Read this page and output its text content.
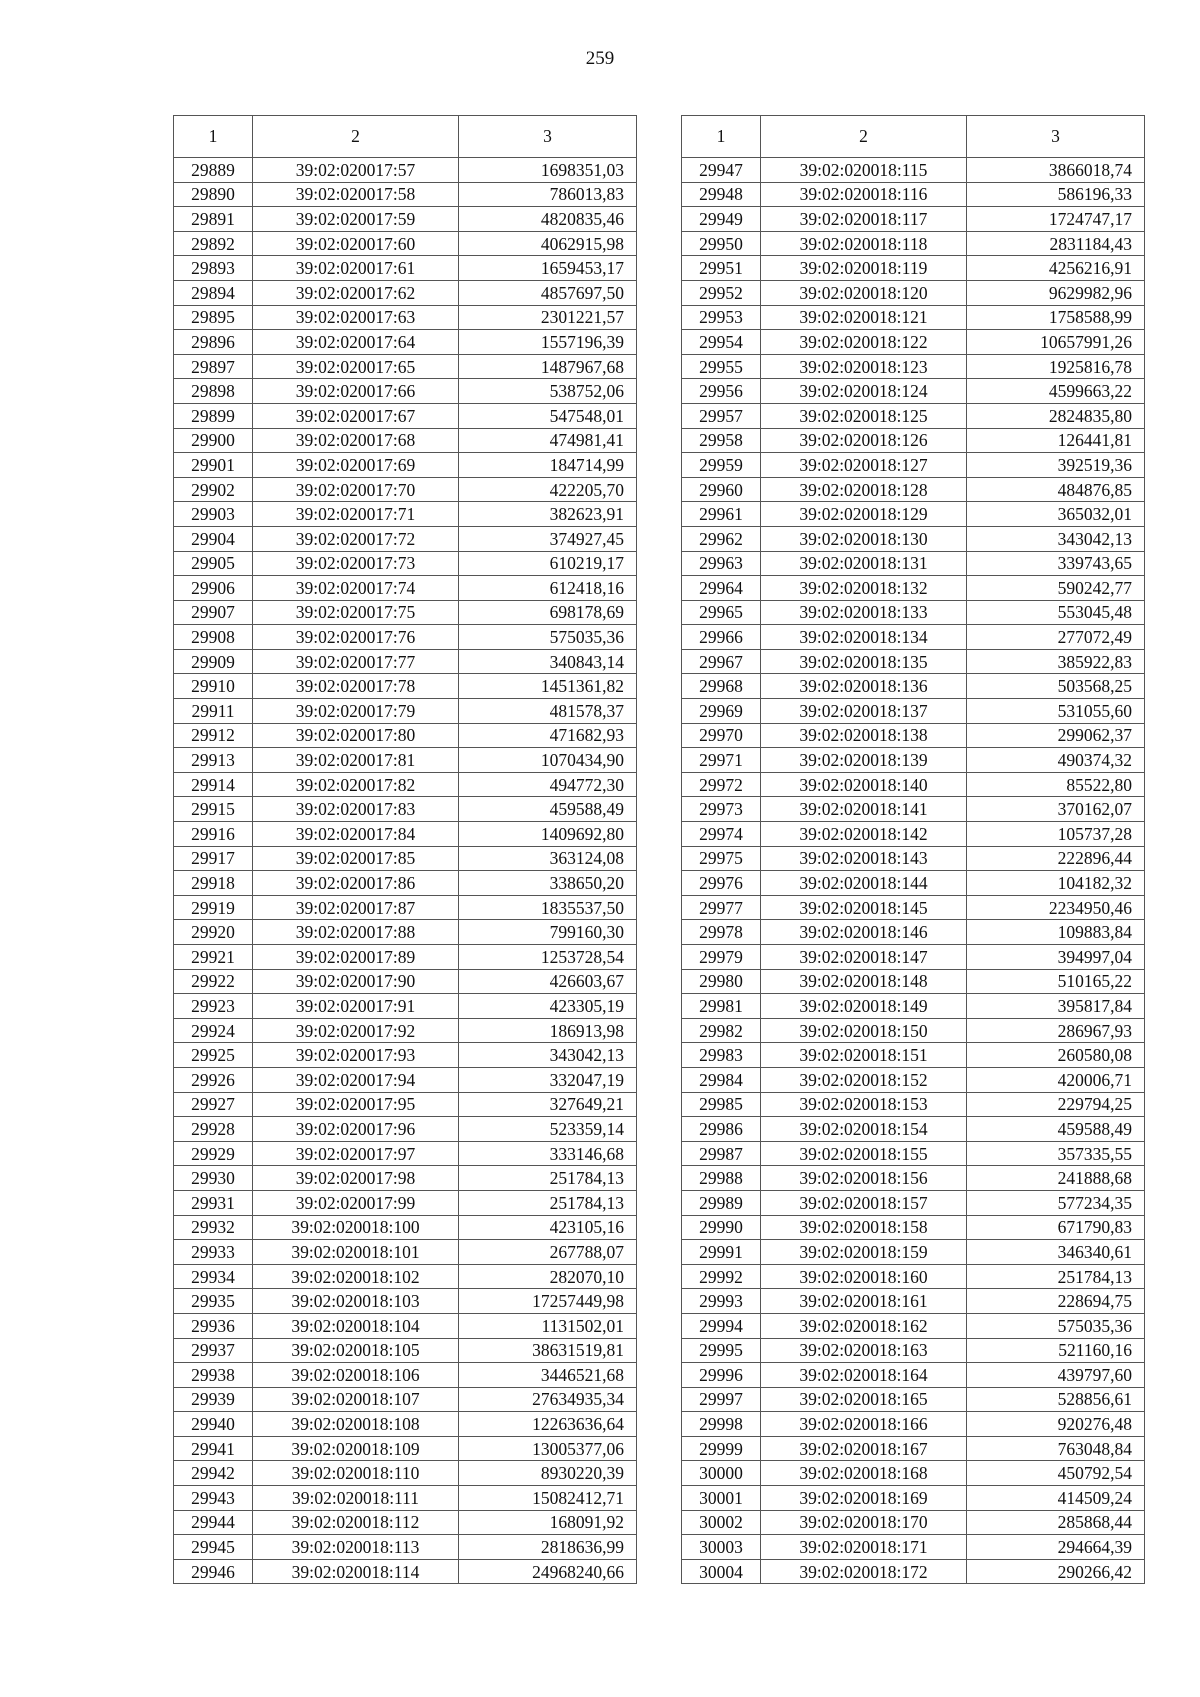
259
1	2	3
29889	39:02:020017:57	1698351,03
29890	39:02:020017:58	786013,83
29891	39:02:020017:59	4820835,46
29892	39:02:020017:60	4062915,98
29893	39:02:020017:61	1659453,17
29894	39:02:020017:62	4857697,50
29895	39:02:020017:63	2301221,57
29896	39:02:020017:64	1557196,39
29897	39:02:020017:65	1487967,68
29898	39:02:020017:66	538752,06
29899	39:02:020017:67	547548,01
29900	39:02:020017:68	474981,41
29901	39:02:020017:69	184714,99
29902	39:02:020017:70	422205,70
29903	39:02:020017:71	382623,91
29904	39:02:020017:72	374927,45
29905	39:02:020017:73	610219,17
29906	39:02:020017:74	612418,16
29907	39:02:020017:75	698178,69
29908	39:02:020017:76	575035,36
29909	39:02:020017:77	340843,14
29910	39:02:020017:78	1451361,82
29911	39:02:020017:79	481578,37
29912	39:02:020017:80	471682,93
29913	39:02:020017:81	1070434,90
29914	39:02:020017:82	494772,30
29915	39:02:020017:83	459588,49
29916	39:02:020017:84	1409692,80
29917	39:02:020017:85	363124,08
29918	39:02:020017:86	338650,20
29919	39:02:020017:87	1835537,50
29920	39:02:020017:88	799160,30
29921	39:02:020017:89	1253728,54
29922	39:02:020017:90	426603,67
29923	39:02:020017:91	423305,19
29924	39:02:020017:92	186913,98
29925	39:02:020017:93	343042,13
29926	39:02:020017:94	332047,19
29927	39:02:020017:95	327649,21
29928	39:02:020017:96	523359,14
29929	39:02:020017:97	333146,68
29930	39:02:020017:98	251784,13
29931	39:02:020017:99	251784,13
29932	39:02:020018:100	423105,16
29933	39:02:020018:101	267788,07
29934	39:02:020018:102	282070,10
29935	39:02:020018:103	17257449,98
29936	39:02:020018:104	1131502,01
29937	39:02:020018:105	38631519,81
29938	39:02:020018:106	3446521,68
29939	39:02:020018:107	27634935,34
29940	39:02:020018:108	12263636,64
29941	39:02:020018:109	13005377,06
29942	39:02:020018:110	8930220,39
29943	39:02:020018:111	15082412,71
29944	39:02:020018:112	168091,92
29945	39:02:020018:113	2818636,99
29946	39:02:020018:114	24968240,66
1	2	3
29947	39:02:020018:115	3866018,74
29948	39:02:020018:116	586196,33
29949	39:02:020018:117	1724747,17
29950	39:02:020018:118	2831184,43
29951	39:02:020018:119	4256216,91
29952	39:02:020018:120	9629982,96
29953	39:02:020018:121	1758588,99
29954	39:02:020018:122	10657991,26
29955	39:02:020018:123	1925816,78
29956	39:02:020018:124	4599663,22
29957	39:02:020018:125	2824835,80
29958	39:02:020018:126	126441,81
29959	39:02:020018:127	392519,36
29960	39:02:020018:128	484876,85
29961	39:02:020018:129	365032,01
29962	39:02:020018:130	343042,13
29963	39:02:020018:131	339743,65
29964	39:02:020018:132	590242,77
29965	39:02:020018:133	553045,48
29966	39:02:020018:134	277072,49
29967	39:02:020018:135	385922,83
29968	39:02:020018:136	503568,25
29969	39:02:020018:137	531055,60
29970	39:02:020018:138	299062,37
29971	39:02:020018:139	490374,32
29972	39:02:020018:140	85522,80
29973	39:02:020018:141	370162,07
29974	39:02:020018:142	105737,28
29975	39:02:020018:143	222896,44
29976	39:02:020018:144	104182,32
29977	39:02:020018:145	2234950,46
29978	39:02:020018:146	109883,84
29979	39:02:020018:147	394997,04
29980	39:02:020018:148	510165,22
29981	39:02:020018:149	395817,84
29982	39:02:020018:150	286967,93
29983	39:02:020018:151	260580,08
29984	39:02:020018:152	420006,71
29985	39:02:020018:153	229794,25
29986	39:02:020018:154	459588,49
29987	39:02:020018:155	357335,55
29988	39:02:020018:156	241888,68
29989	39:02:020018:157	577234,35
29990	39:02:020018:158	671790,83
29991	39:02:020018:159	346340,61
29992	39:02:020018:160	251784,13
29993	39:02:020018:161	228694,75
29994	39:02:020018:162	575035,36
29995	39:02:020018:163	521160,16
29996	39:02:020018:164	439797,60
29997	39:02:020018:165	528856,61
29998	39:02:020018:166	920276,48
29999	39:02:020018:167	763048,84
30000	39:02:020018:168	450792,54
30001	39:02:020018:169	414509,24
30002	39:02:020018:170	285868,44
30003	39:02:020018:171	294664,39
30004	39:02:020018:172	290266,42
